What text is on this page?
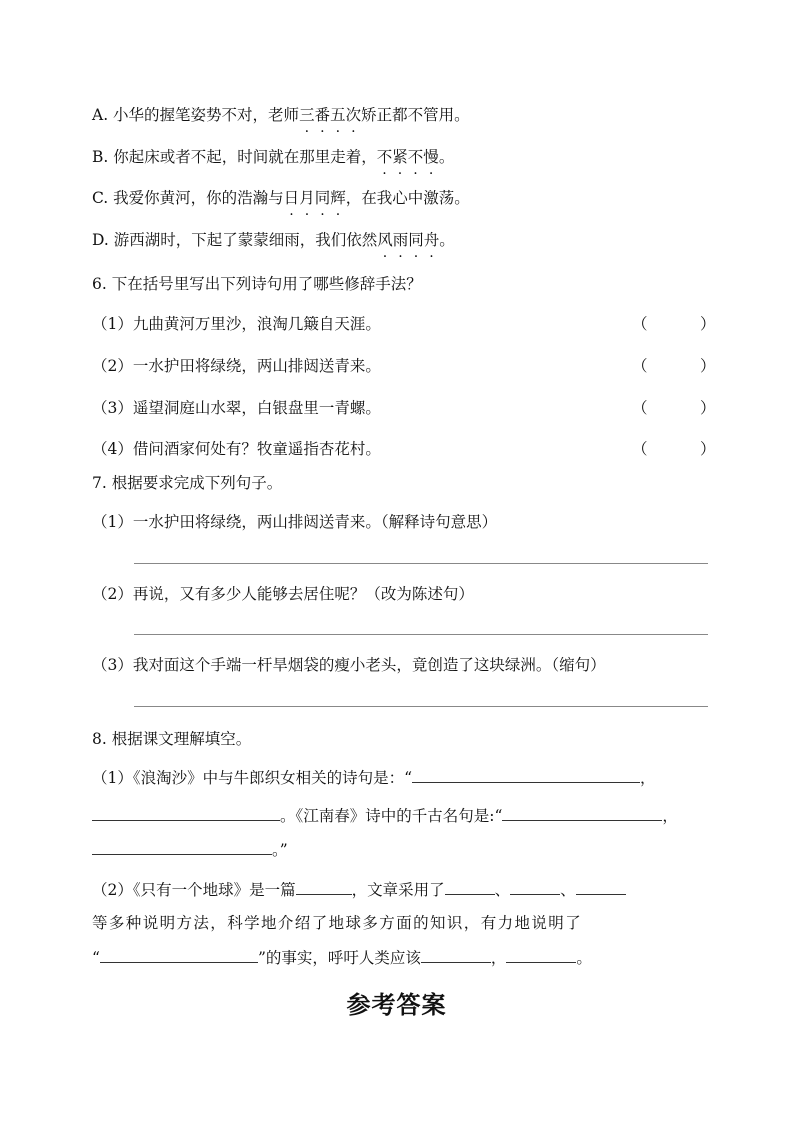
A. 小华的握笔姿势不对，老师三番五次矫正都不管用。
B. 你起床或者不起，时间就在那里走着，不紧不慢。
C. 我爱你黄河，你的浩瀚与日月同辉，在我心中激荡。
D. 游西湖时，下起了蒙蒙细雨，我们依然风雨同舟。
6. 下在括号里写出下列诗句用了哪些修辞手法？
（1）九曲黄河万里沙，浪淘几簸自天涯。	（	）
（2）一水护田将绿绕，两山排闼送青来。	（	）
（3）遥望洞庭山水翠，白银盘里一青螺。	（	）
（4）借问酒家何处有？牧童遥指杏花村。	（	）
7. 根据要求完成下列句子。
（1）一水护田将绿绕，两山排闼送青来。（解释诗句意思）
（2）再说，又有多少人能够去居住呢？（改为陈述句）
（3）我对面这个手端一杆旱烟袋的瘦小老头，竟创造了这块绿洲。（缩句）
8. 根据课文理解填空。
（1）《浪淘沙》中与牛郎织女相关的诗句是：“	，
。《江南春》诗中的千古名句是:“	，
。”
（2）《只有一个地球》是一篇	，文章采用了	、	、
等多种说明方法，科学地介绍了地球多方面的知识，有力地说明了
“	”的事实，呼吁人类应该	，	。
参考答案
